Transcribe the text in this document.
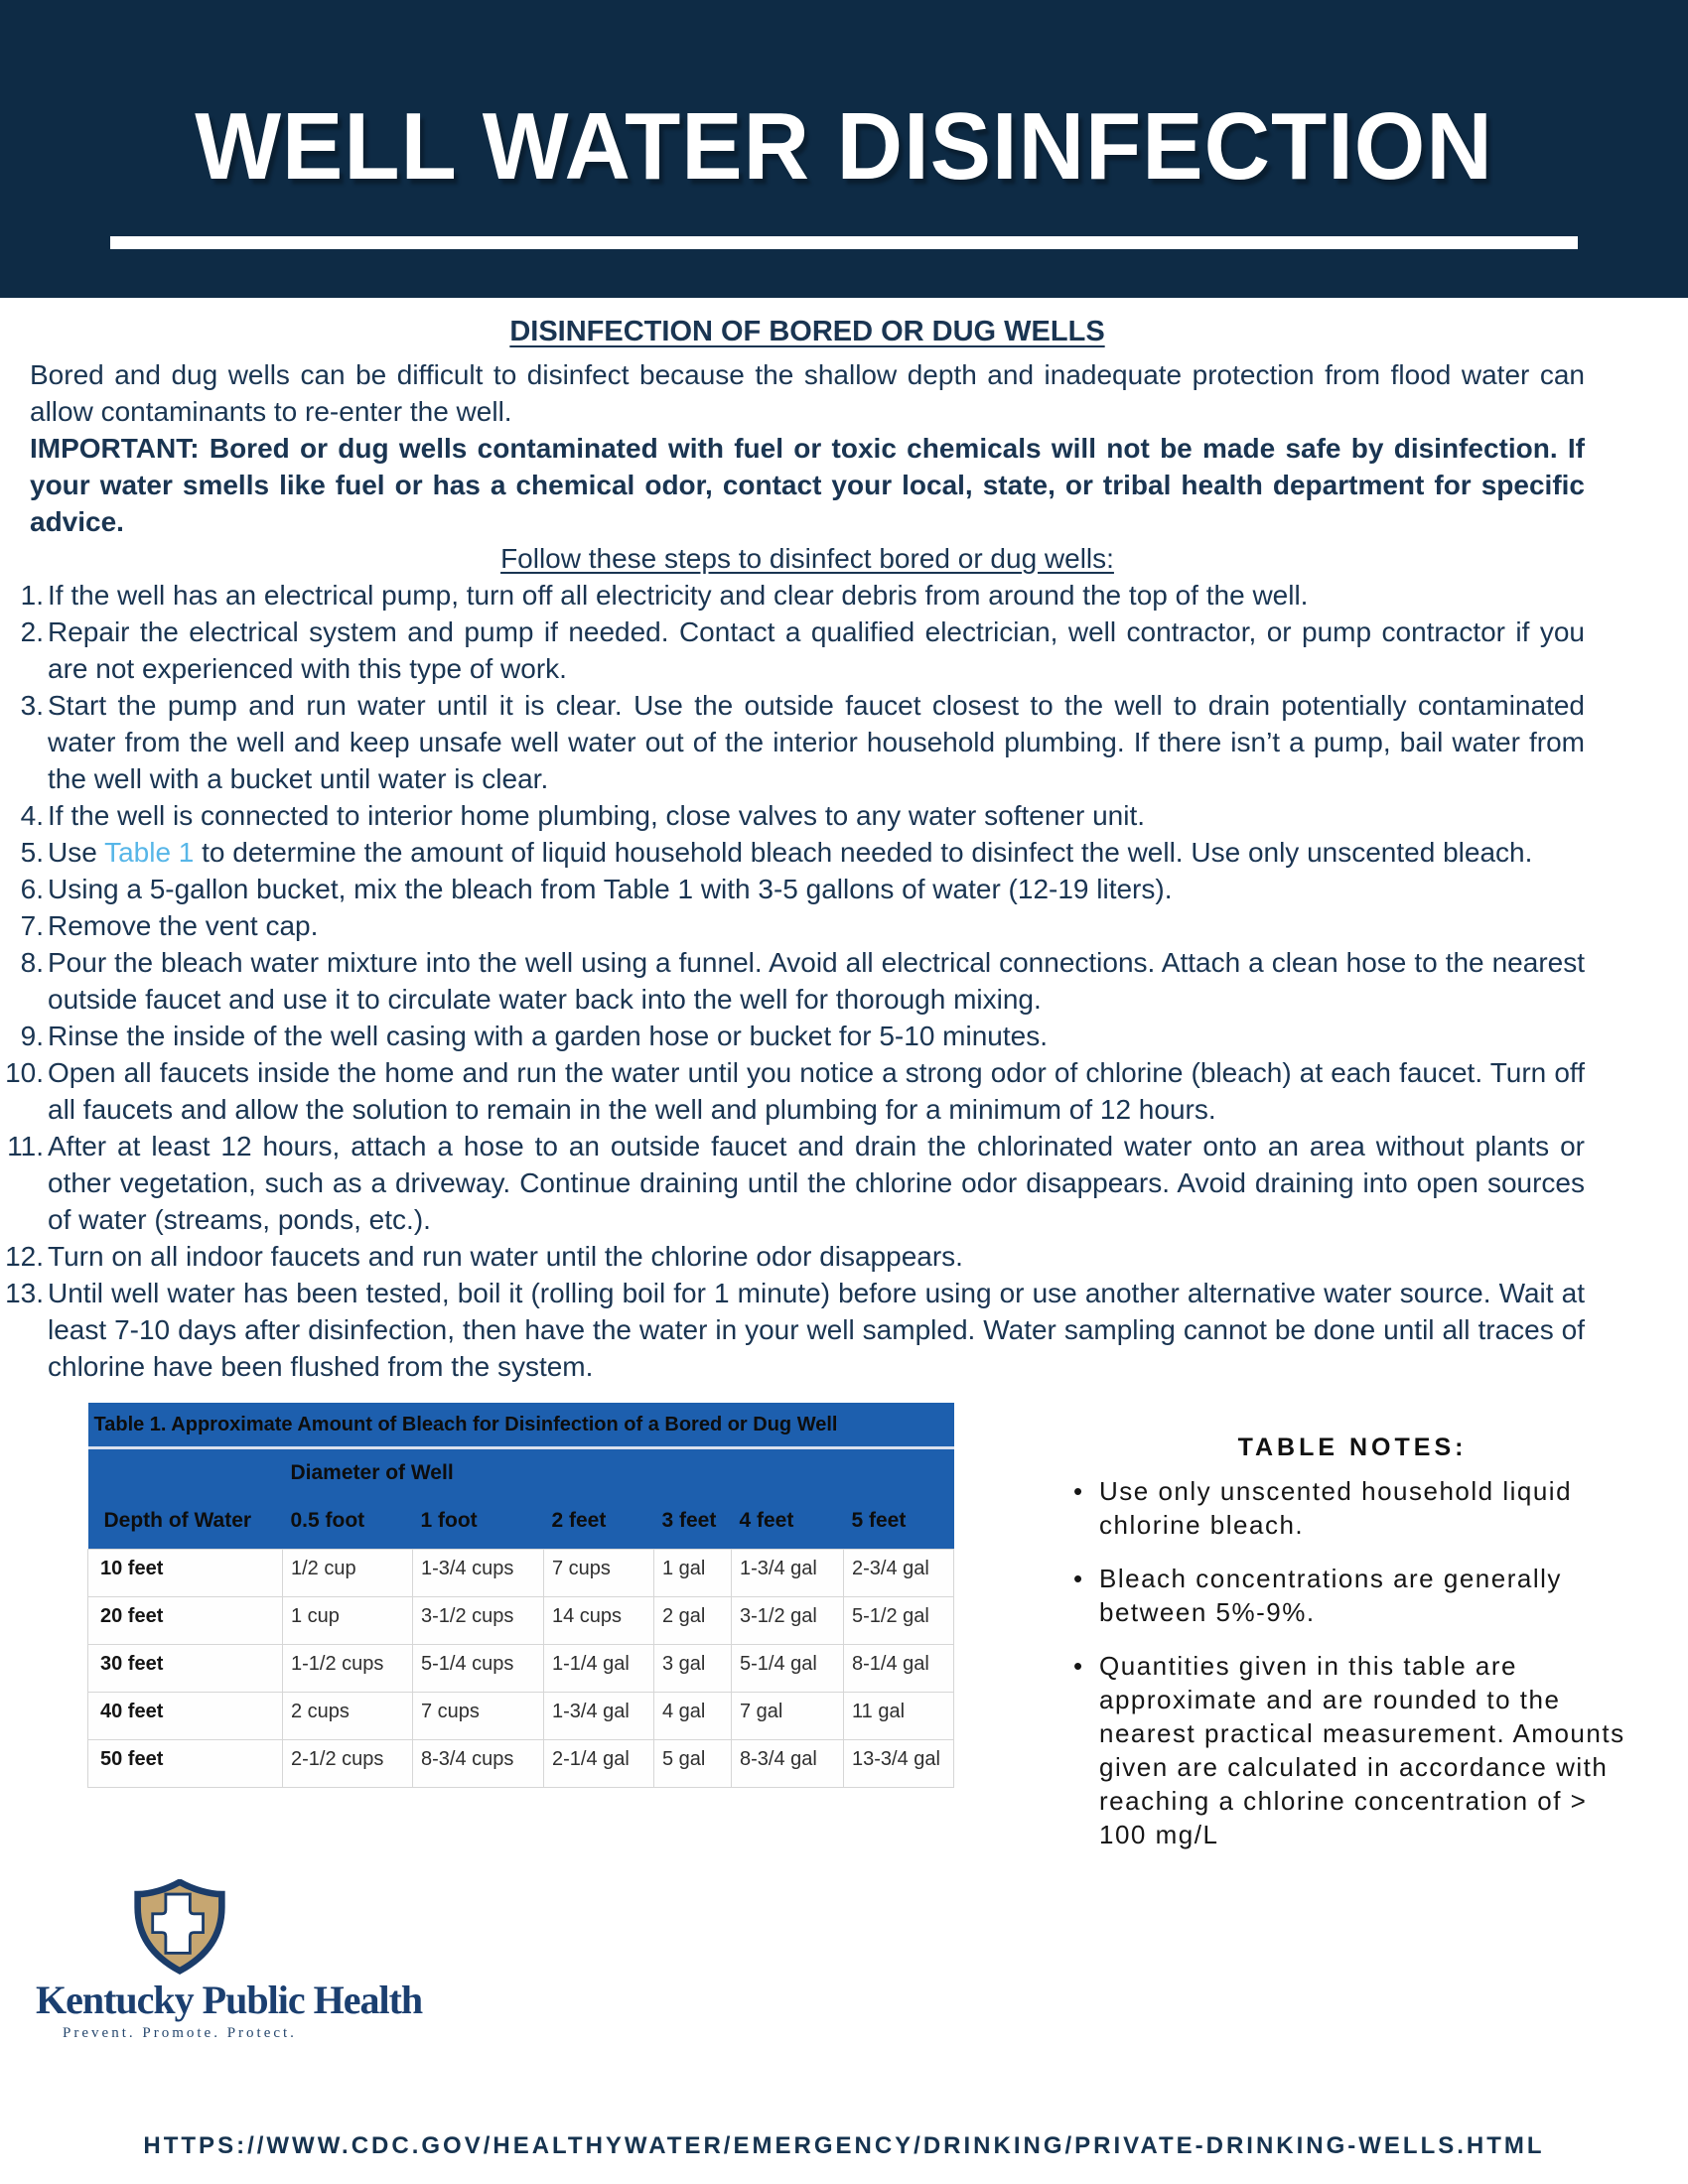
WELL WATER DISINFECTION
DISINFECTION OF BORED OR DUG WELLS

Bored and dug wells can be difficult to disinfect because the shallow depth and inadequate protection from flood water can allow contaminants to re-enter the well.

IMPORTANT: Bored or dug wells contaminated with fuel or toxic chemicals will not be made safe by disinfection. If your water smells like fuel or has a chemical odor, contact your local, state, or tribal health department for specific advice.

Follow these steps to disinfect bored or dug wells:
If the well has an electrical pump, turn off all electricity and clear debris from around the top of the well.
Repair the electrical system and pump if needed. Contact a qualified electrician, well contractor, or pump contractor if you are not experienced with this type of work.
Start the pump and run water until it is clear. Use the outside faucet closest to the well to drain potentially contaminated water from the well and keep unsafe well water out of the interior household plumbing. If there isn’t a pump, bail water from the well with a bucket until water is clear.
If the well is connected to interior home plumbing, close valves to any water softener unit.
Use Table 1 to determine the amount of liquid household bleach needed to disinfect the well. Use only unscented bleach.
Using a 5-gallon bucket, mix the bleach from Table 1 with 3-5 gallons of water (12-19 liters).
Remove the vent cap.
Pour the bleach water mixture into the well using a funnel. Avoid all electrical connections. Attach a clean hose to the nearest outside faucet and use it to circulate water back into the well for thorough mixing.
Rinse the inside of the well casing with a garden hose or bucket for 5-10 minutes.
Open all faucets inside the home and run the water until you notice a strong odor of chlorine (bleach) at each faucet. Turn off all faucets and allow the solution to remain in the well and plumbing for a minimum of 12 hours.
After at least 12 hours, attach a hose to an outside faucet and drain the chlorinated water onto an area without plants or other vegetation, such as a driveway. Continue draining until the chlorine odor disappears. Avoid draining into open sources of water (streams, ponds, etc.).
Turn on all indoor faucets and run water until the chlorine odor disappears.
Until well water has been tested, boil it (rolling boil for 1 minute) before using or use another alternative water source. Wait at least 7-10 days after disinfection, then have the water in your well sampled. Water sampling cannot be done until all traces of chlorine have been flushed from the system.
Table 1. Approximate Amount of Bleach for Disinfection of a Bored or Dug Well						
	Diameter of Well					
Depth of Water	0.5 foot	1 foot	2 feet	3 feet	4 feet	5 feet
10 feet	1/2 cup	1-3/4 cups	7 cups	1 gal	1-3/4 gal	2-3/4 gal
20 feet	1 cup	3-1/2 cups	14 cups	2 gal	3-1/2 gal	5-1/2 gal
30 feet	1-1/2 cups	5-1/4 cups	1-1/4 gal	3 gal	5-1/4 gal	8-1/4 gal
40 feet	2 cups	7 cups	1-3/4 gal	4 gal	7 gal	11 gal
50 feet	2-1/2 cups	8-3/4 cups	2-1/4 gal	5 gal	8-3/4 gal	13-3/4 gal
TABLE NOTES:
• Use only unscented household liquid chlorine bleach.
• Bleach concentrations are generally between 5%-9%.
• Quantities given in this table are approximate and are rounded to the nearest practical measurement. Amounts given are calculated in accordance with reaching a chlorine concentration of > 100 mg/L
Kentucky Public Health
Prevent. Promote. Protect.
HTTPS://WWW.CDC.GOV/HEALTHYWATER/EMERGENCY/DRINKING/PRIVATE-DRINKING-WELLS.HTML
